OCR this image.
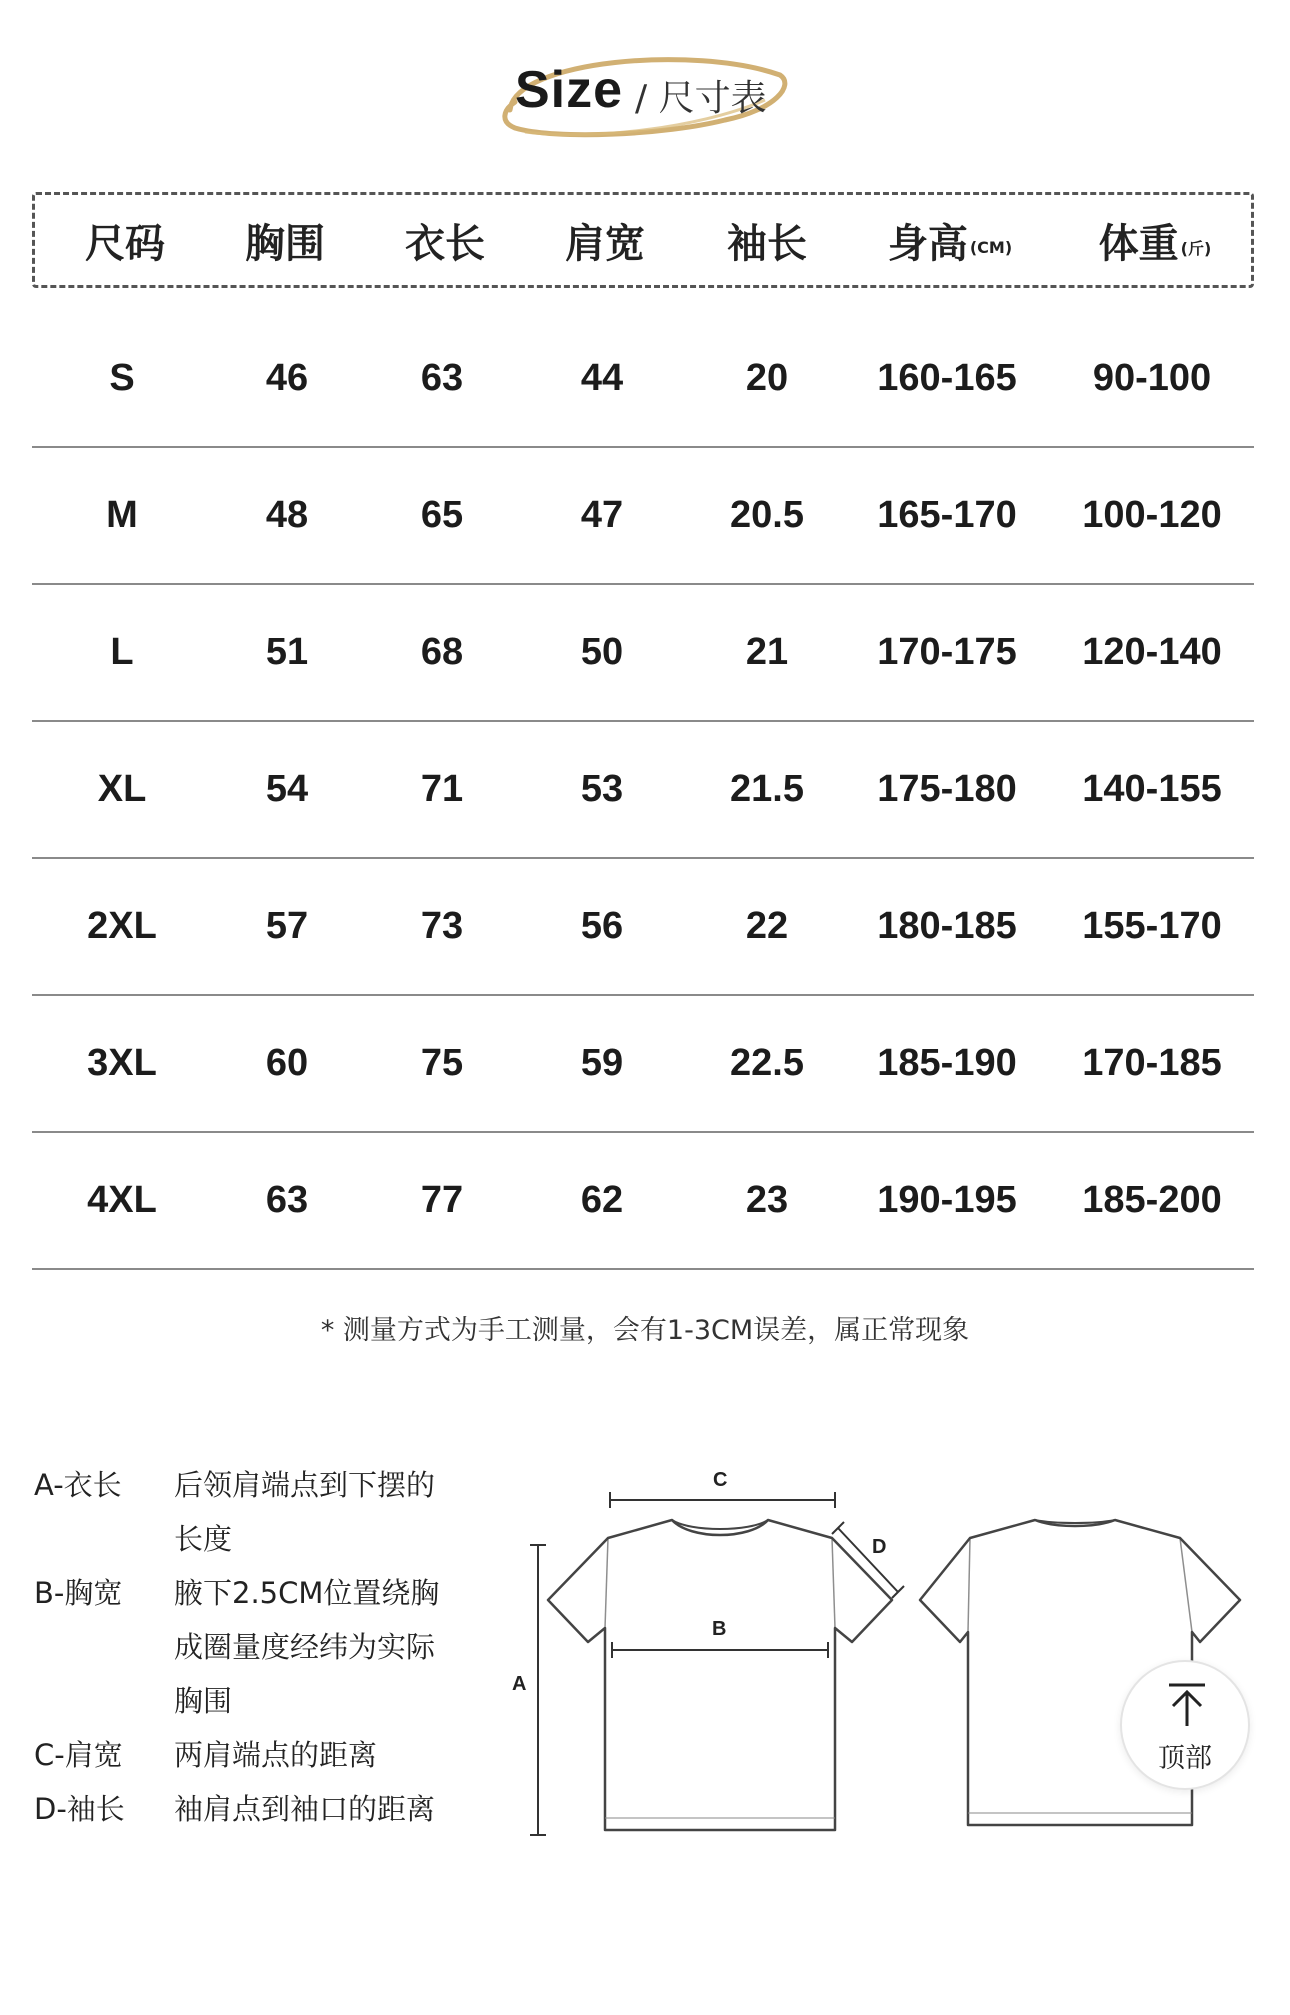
Size / 尺寸表
尺码 胸围 衣长 肩宽 袖长 身高 (CM) 体重 (斤)
S	46	63	44	20 160-165 90-100
M	48	65	47	20.5 165-170 100-120
L	51	68	50	21 170-175 120-140
XL	54	71	53	21.5 175-180 140-155
2XL	57	73	56	22 180-185 155-170
3XL	60	75	59	22.5 185-190 170-185
4XL	63	77	62	23 190-195 185-200
* 测量方式为手工测量，会有1-3CM误差，属正常现象
A-衣长 后领肩端点到下摆的
长度
B-胸宽 腋下2.5CM位置绕胸
成圈量度经纬为实际
胸围
C-肩宽 两肩端点的距离
D-袖长 袖肩点到袖口的距离
A
C
B
D
顶部
